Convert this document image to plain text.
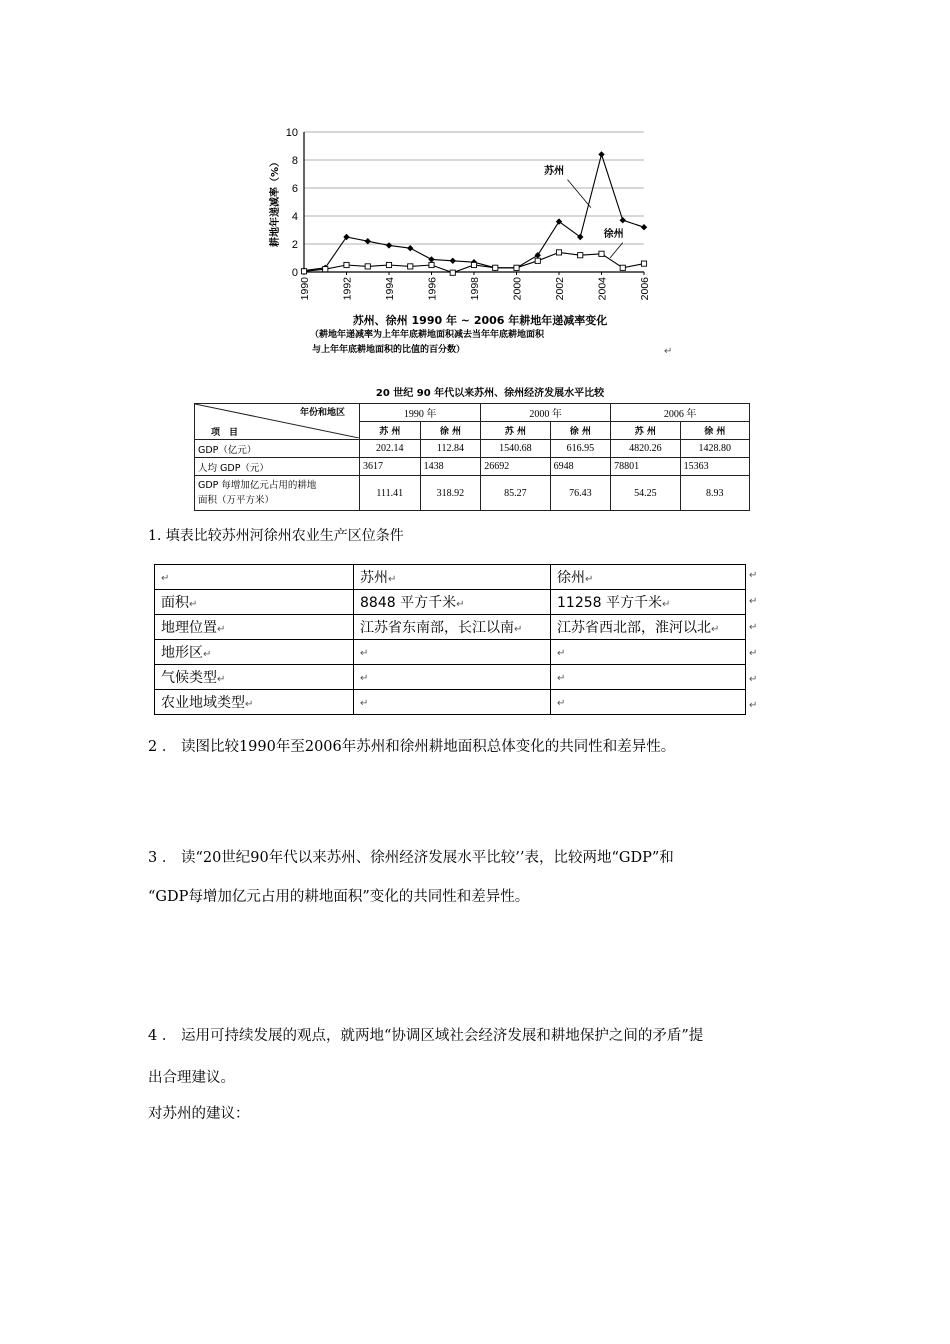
0
2
4
6
8
10
1990	1992	1994	1996	1998	2000	2002	2004	2006
耕地年递减率（%）	苏州
徐州
苏州、徐州 1990 年 ~ 2006 年耕地年递减率变化
（耕地年递减率为上年年底耕地面积减去当年年底耕地面积
与上年年底耕地面积的比值的百分数）	↵
20 世纪 90 年代以来苏州、徐州经济发展水平比较
年份和地区
项　目	1990 年		2000 年		2006 年	
	苏 州	徐 州	苏 州	徐 州	苏 州	徐 州
GDP（亿元）	202.14	112.84	1540.68	616.95	4820.26	1428.80
人均 GDP（元）	3617	1438	26692	6948	78801	15363

GDP 每增加亿元占用的耕地
面积（万平方米）	111.41	318.92	85.27	76.43	54.25	8.93
1. 填表比较苏州河徐州农业生产区位条件
↵	苏州↵	徐州↵
面积↵	8848 平方千米↵	11258 平方千米↵
地理位置↵	江苏省东南部，长江以南↵	江苏省西北部，淮河以北↵
地形区↵	↵	↵
气候类型↵	↵	↵
农业地域类型↵	↵	↵
↵
↵
↵
↵
↵
↵
2 ． 读图比较1990年至2006年苏州和徐州耕地面积总体变化的共同性和差异性。
3 ． 读“20世纪90年代以来苏州、徐州经济发展水平比较’’表，比较两地“GDP”和
“GDP每增加亿元占用的耕地面积”变化的共同性和差异性。
4 ． 运用可持续发展的观点，就两地“协调区域社会经济发展和耕地保护之间的矛盾”提
出合理建议。
对苏州的建议：
